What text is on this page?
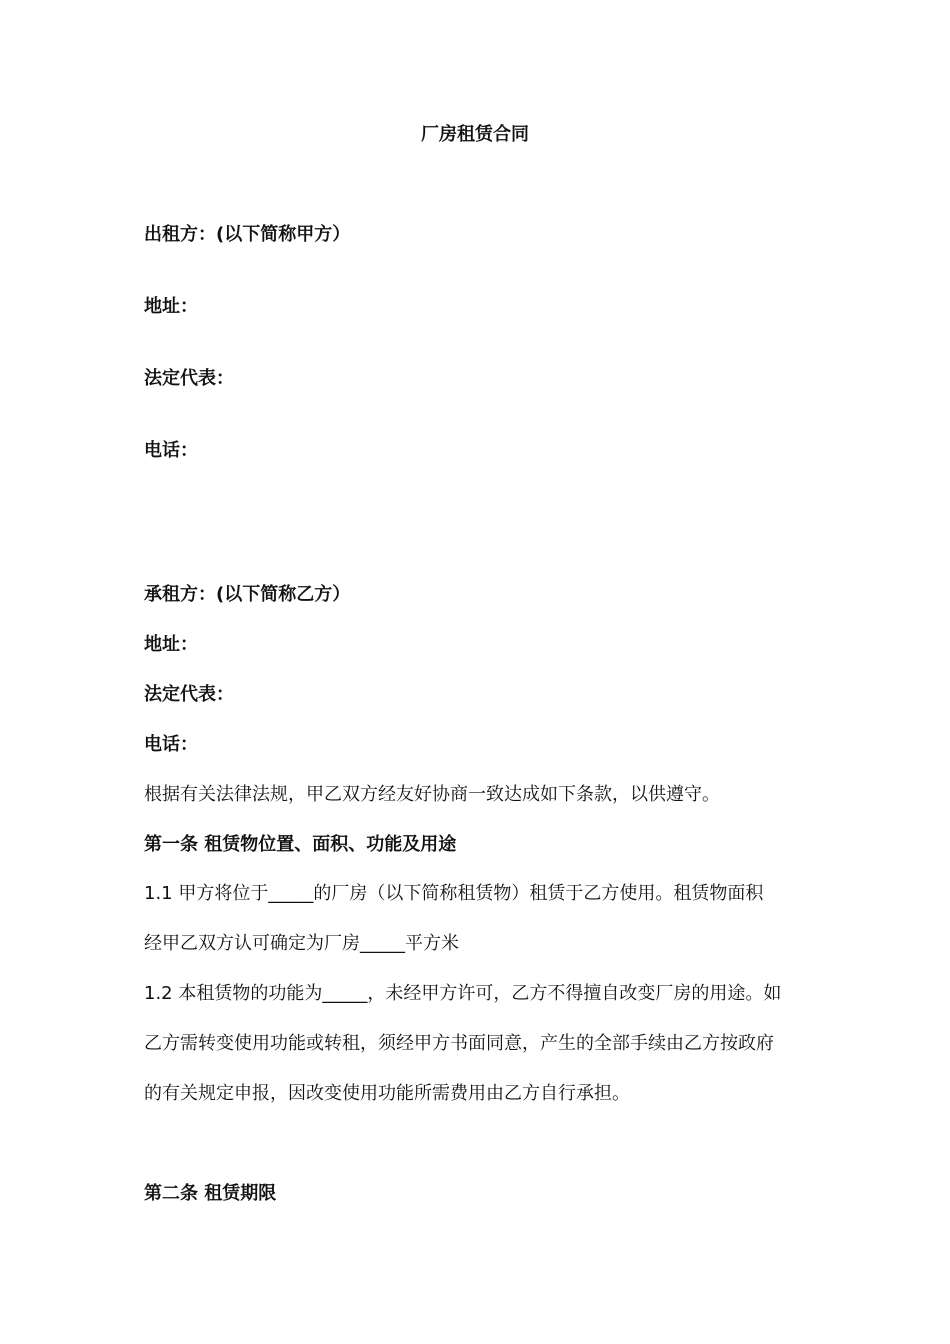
厂房租赁合同
出租方：(以下简称甲方）
地址：
法定代表：
电话：
承租方：(以下简称乙方）
地址：
法定代表：
电话：
根据有关法律法规，甲乙双方经友好协商一致达成如下条款，以供遵守。
第一条 租赁物位置、面积、功能及用途
1.1 甲方将位于_____的厂房（以下简称租赁物）租赁于乙方使用。租赁物面积
经甲乙双方认可确定为厂房_____平方米
1.2 本租赁物的功能为_____，未经甲方许可，乙方不得擅自改变厂房的用途。如
乙方需转变使用功能或转租，须经甲方书面同意，产生的全部手续由乙方按政府
的有关规定申报，因改变使用功能所需费用由乙方自行承担。
第二条 租赁期限
